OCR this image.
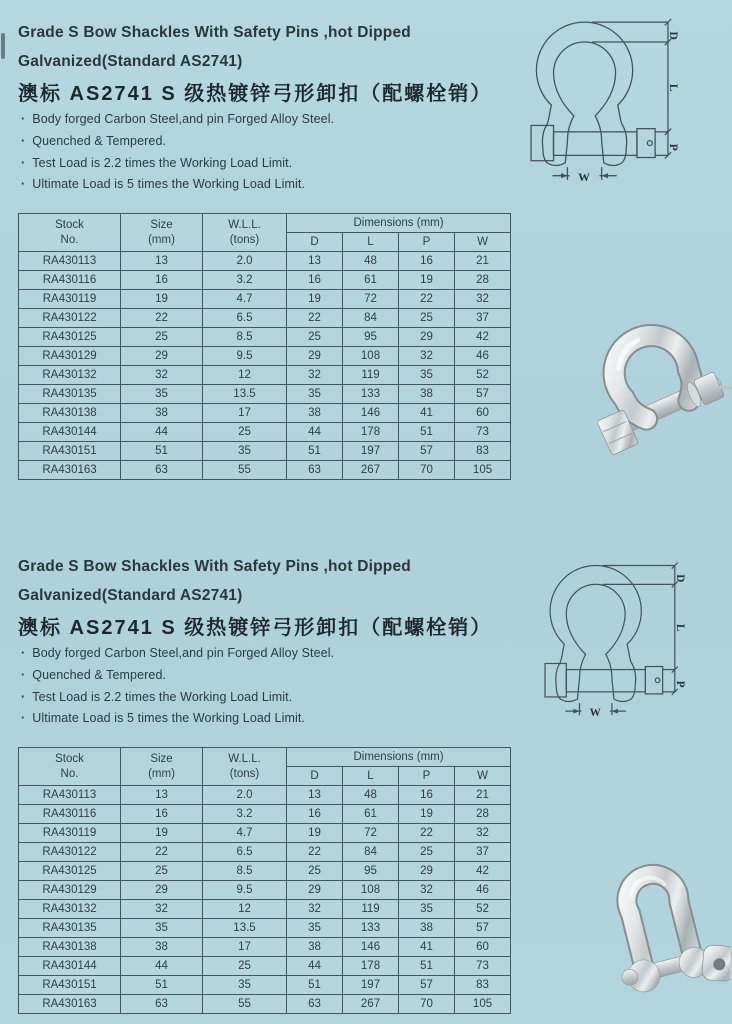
Grade S Bow Shackles With Safety Pins ,hot Dipped
Galvanized(Standard AS2741)
澳标 AS2741 S 级热镀锌弓形卸扣（配螺栓销）
· Body forged Carbon Steel,and pin Forged Alloy Steel.
· Quenched & Tempered.
· Test Load is 2.2 times the Working Load Limit.
· Ultimate Load is 5 times the Working Load Limit.
D
L
P
W
Stock
No.

Size
(mm)

W.L.L.
(tons)
	Dimensions (mm)
			D	L	P	W
RA430113	13	2.0	13	48	16	21
RA430116	16	3.2	16	61	19	28
RA430119	19	4.7	19	72	22	32
RA430122	22	6.5	22	84	25	37
RA430125	25	8.5	25	95	29	42
RA430129	29	9.5	29	108	32	46
RA430132	32	12	32	119	35	52
RA430135	35	13.5	35	133	38	57
RA430138	38	17	38	146	41	60
RA430144	44	25	44	178	51	73
RA430151	51	35	51	197	57	83
RA430163	63	55	63	267	70	105
Grade S Bow Shackles With Safety Pins ,hot Dipped
Galvanized(Standard AS2741)
澳标 AS2741 S 级热镀锌弓形卸扣（配螺栓销）
· Body forged Carbon Steel,and pin Forged Alloy Steel.
· Quenched & Tempered.
· Test Load is 2.2 times the Working Load Limit.
· Ultimate Load is 5 times the Working Load Limit.
D
L
P
W
Stock
No.

Size
(mm)

W.L.L.
(tons)
	Dimensions (mm)
			D	L	P	W
RA430113	13	2.0	13	48	16	21
RA430116	16	3.2	16	61	19	28
RA430119	19	4.7	19	72	22	32
RA430122	22	6.5	22	84	25	37
RA430125	25	8.5	25	95	29	42
RA430129	29	9.5	29	108	32	46
RA430132	32	12	32	119	35	52
RA430135	35	13.5	35	133	38	57
RA430138	38	17	38	146	41	60
RA430144	44	25	44	178	51	73
RA430151	51	35	51	197	57	83
RA430163	63	55	63	267	70	105
